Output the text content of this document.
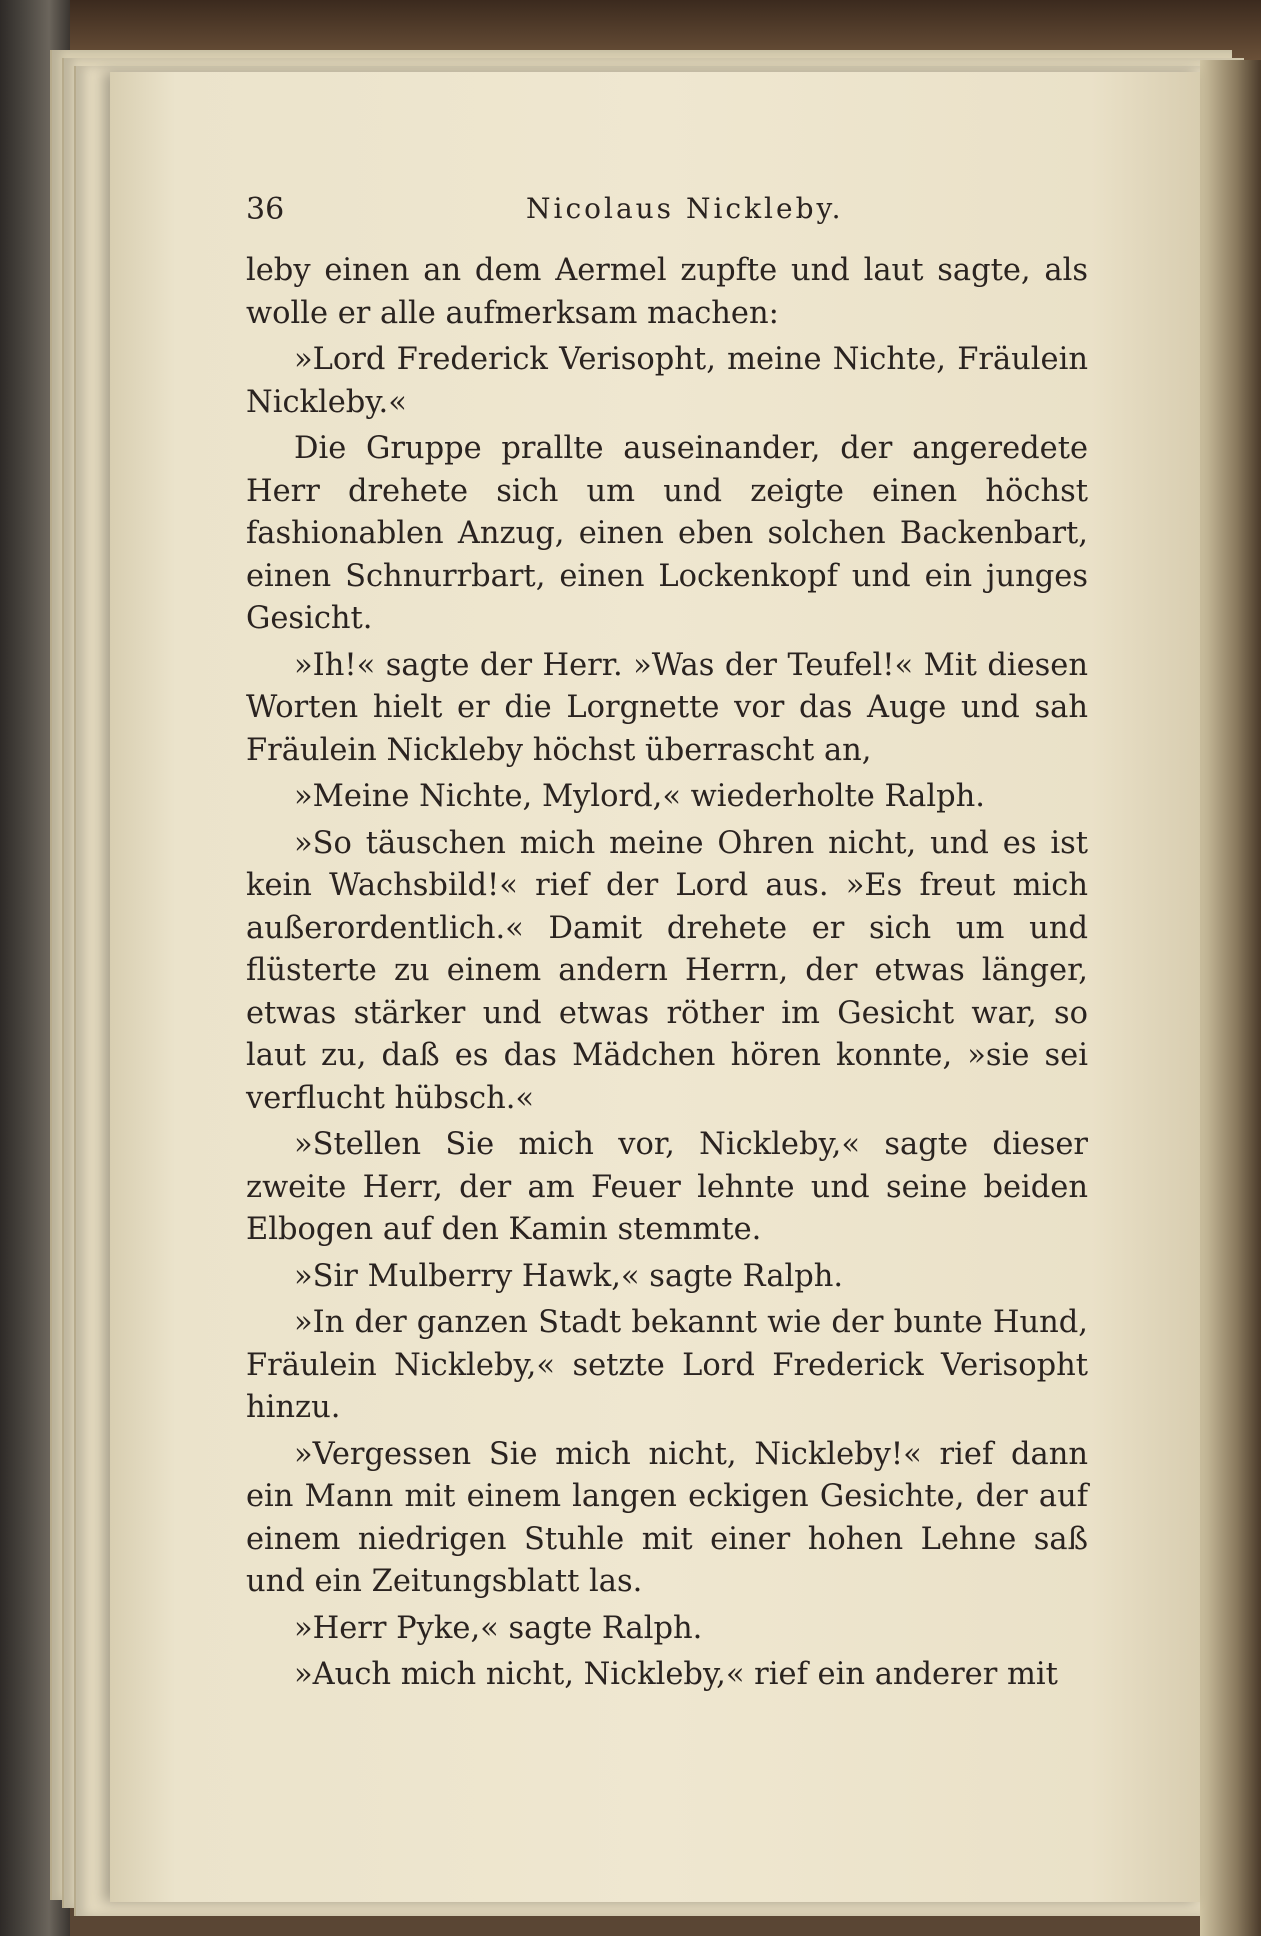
36	Nicolaus Nickleby.

leby einen an dem Aermel zupfte und laut sagte, als wolle er alle aufmerksam machen:

»Lord Frederick Verisopht, meine Nichte, Fräulein Nickleby.«

Die Gruppe prallte auseinander, der angeredete Herr drehete sich um und zeigte einen höchst fashionablen Anzug, einen eben solchen Backenbart, einen Schnurrbart, einen Lockenkopf und ein junges Gesicht.

»Ih!« sagte der Herr. »Was der Teufel!« Mit diesen Worten hielt er die Lorgnette vor das Auge und sah Fräulein Nickleby höchst überrascht an,

»Meine Nichte, Mylord,« wiederholte Ralph.

»So täuschen mich meine Ohren nicht, und es ist kein Wachsbild!« rief der Lord aus. »Es freut mich außerordentlich.« Damit drehete er sich um und flüsterte zu einem andern Herrn, der etwas länger, etwas stärker und etwas röther im Gesicht war, so laut zu, daß es das Mädchen hören konnte, »sie sei verflucht hübsch.«

»Stellen Sie mich vor, Nickleby,« sagte dieser zweite Herr, der am Feuer lehnte und seine beiden Elbogen auf den Kamin stemmte.

»Sir Mulberry Hawk,« sagte Ralph.

»In der ganzen Stadt bekannt wie der bunte Hund, Fräulein Nickleby,« setzte Lord Frederick Verisopht hinzu.

»Vergessen Sie mich nicht, Nickleby!« rief dann ein Mann mit einem langen eckigen Gesichte, der auf einem niedrigen Stuhle mit einer hohen Lehne saß und ein Zeitungsblatt las.

»Herr Pyke,« sagte Ralph.

»Auch mich nicht, Nickleby,« rief ein anderer mit
